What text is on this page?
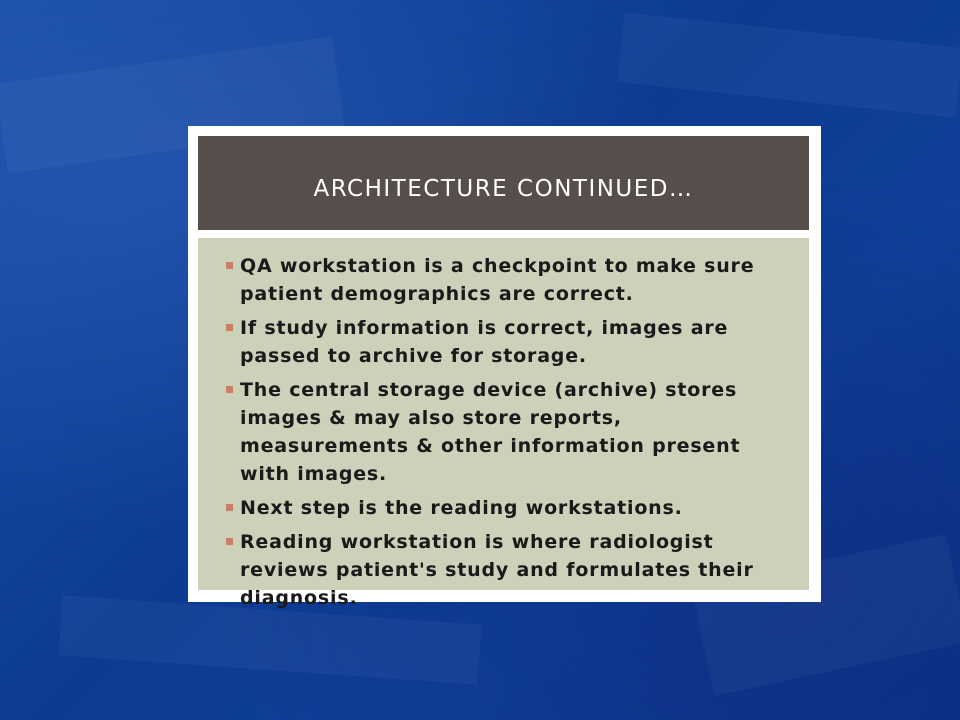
ARCHITECTURE CONTINUED…
QA workstation is a checkpoint to make sure patient demographics are correct.
If study information is correct, images are passed to archive for storage.
The central storage device (archive) stores images & may also store reports, measurements & other information present with images.
Next step is the reading workstations.
Reading workstation is where radiologist reviews patient's study and formulates their diagnosis.
